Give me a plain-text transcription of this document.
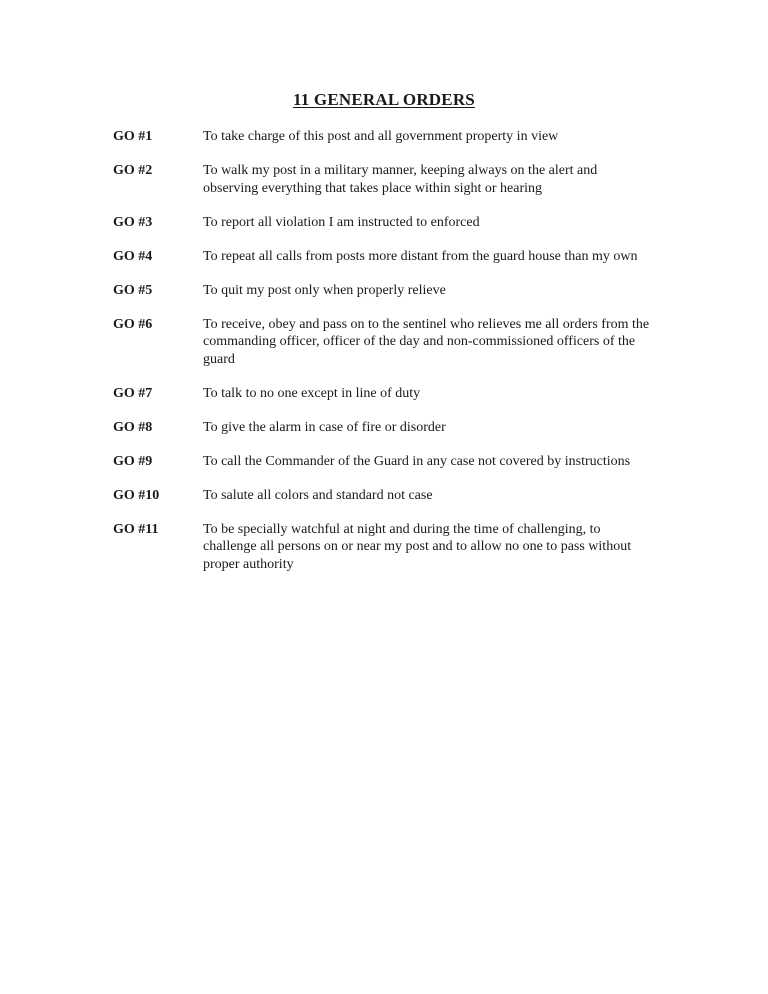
11 GENERAL ORDERS
GO #1	To take charge of this post and all government property in view
GO #2	To walk my post in a military manner, keeping always on the alert and observing everything that takes place within sight or hearing
GO #3	To report all violation I am instructed to enforced
GO #4	To repeat all calls from posts more distant from the guard house than my own
GO #5	To quit my post only when properly relieve
GO #6	To receive, obey and pass on to the sentinel who relieves me all orders from the commanding officer, officer of the day and non-commissioned officers of the guard
GO #7	To talk to no one except in line of duty
GO #8	To give the alarm in case of fire or disorder
GO #9	To call the Commander of the Guard in any case not covered by instructions
GO #10	To salute all colors and standard not case
GO #11	To be specially watchful at night and during the time of challenging, to challenge all persons on or near my post and to allow no one to pass without proper authority
